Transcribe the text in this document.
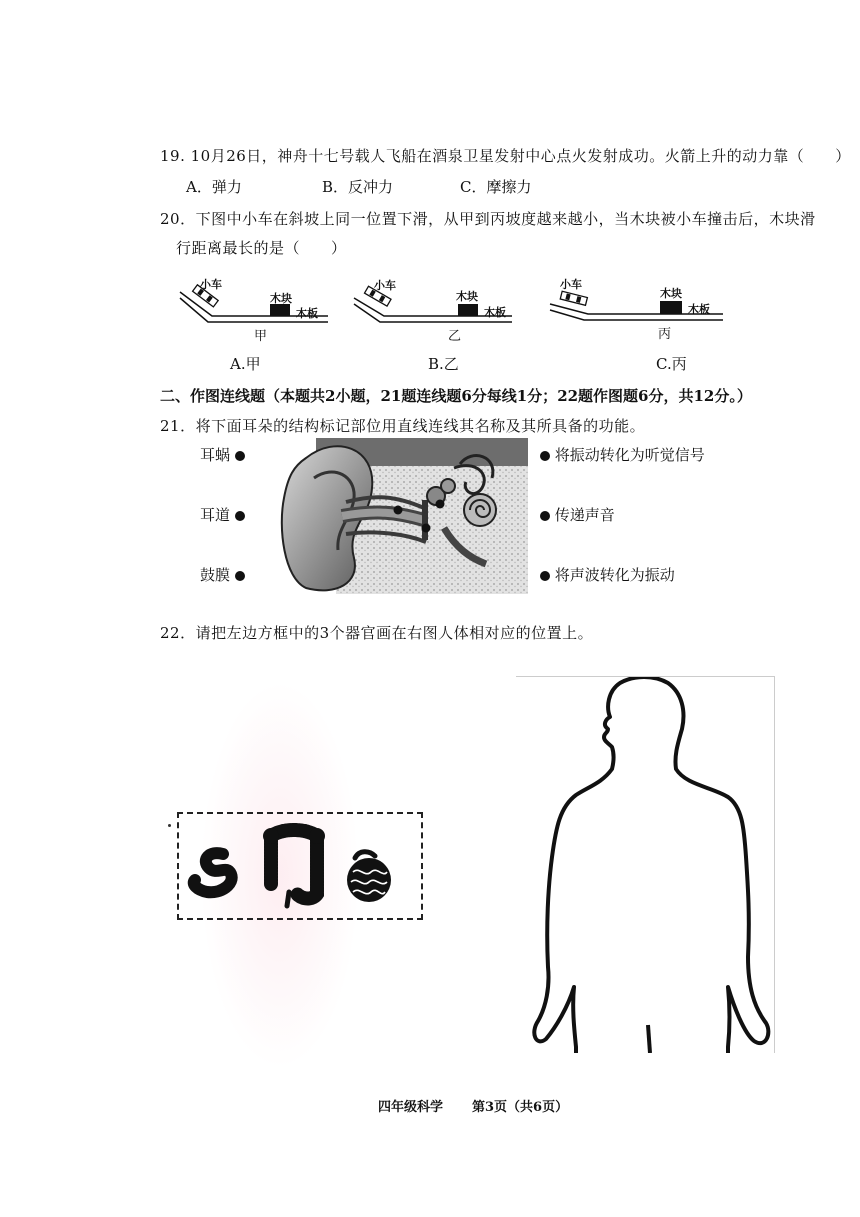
19. 10月26日，神舟十七号载人飞船在酒泉卫星发射中心点火发射成功。火箭上升的动力靠（　　）
A．弹力	B．反冲力	C．摩擦力
20．下图中小车在斜坡上同一位置下滑，从甲到丙坡度越来越小，当木块被小车撞击后，木块滑
行距离最长的是（　　）
小车
木块
木板
甲
A.甲
小车
木块
木板
乙
B.乙
小车
木块
木板
丙
C.丙
二、作图连线题（本题共2小题，21题连线题6分每线1分；22题作图题6分，共12分。）
21．将下面耳朵的结构标记部位用直线连线其名称及其所具备的功能。
耳蜗
耳道
鼓膜
将振动转化为听觉信号
传递声音
将声波转化为振动
22．请把左边方框中的3个器官画在右图人体相对应的位置上。
四年级科学 第3页（共6页）
